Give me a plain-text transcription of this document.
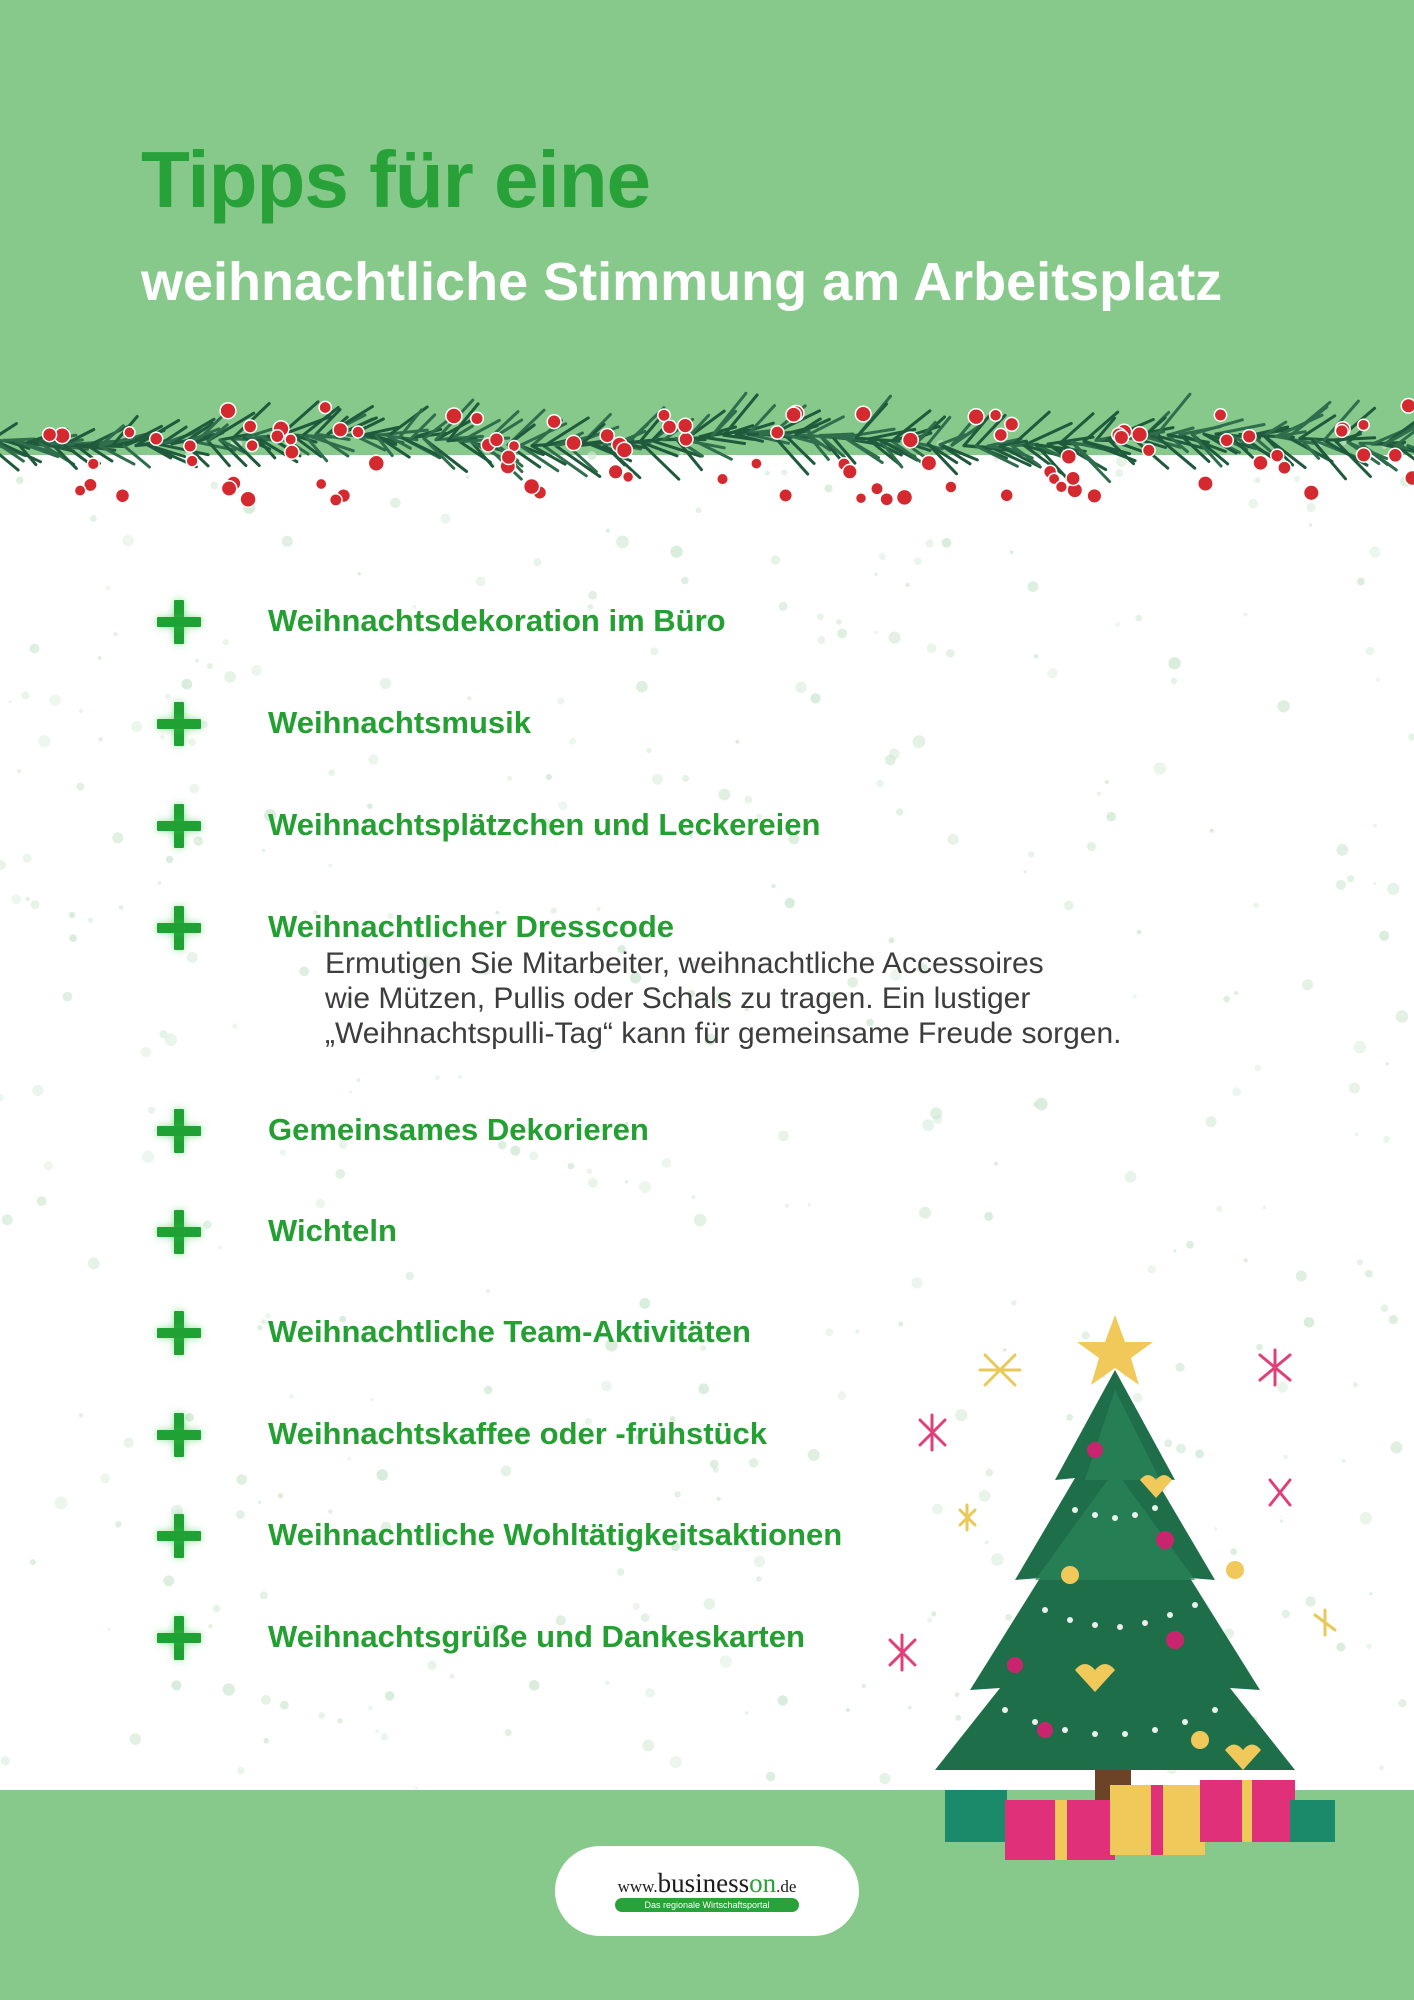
Tipps für eine
weihnachtliche Stimmung am Arbeitsplatz
Weihnachtsdekoration im Büro
Weihnachtsmusik
Weihnachtsplätzchen und Leckereien
Weihnachtlicher Dresscode

Ermutigen Sie Mitarbeiter, weihnachtliche Accessoires
wie Mützen, Pullis oder Schals zu tragen. Ein lustiger
„Weihnachtspulli-Tag“ kann für gemeinsame Freude sorgen.

Gemeinsames Dekorieren
Wichteln
Weihnachtliche Team-Aktivitäten
Weihnachtskaffee oder -frühstück
Weihnachtliche Wohltätigkeitsaktionen
Weihnachtsgrüße und Dankeskarten
www.businesson.de
Das regionale Wirtschaftsportal
